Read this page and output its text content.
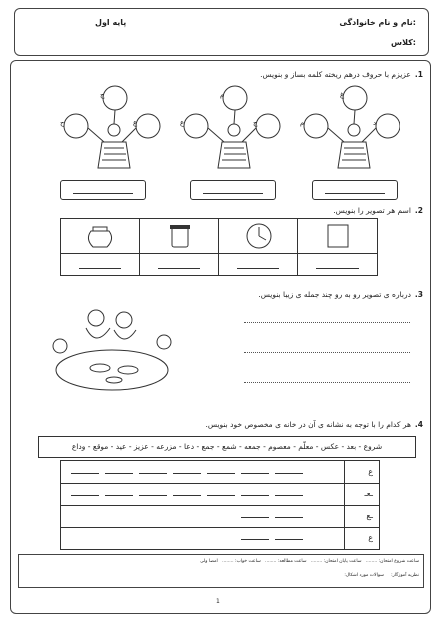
نام و نام خانوادگی:
پایه اول
کلاس:
1.عزیزم با حروف درهم ریخته کلمه بساز و بنویس.
ح
ج
ع	ع
م
ج	م
غ
د
2.اسم هر تصویر را بنویس.
3.درباره ی تصویر رو به رو چند جمله ی زیبا بنویس.
4.هر کدام را با توجه به نشانه ی آن در خانه ی مخصوص خود بنویس.
شروع - بعد - عکس - معلّم - معصوم - جمعه - شمع - جمع - دعا - مزرعه - عزیز - عید - موقع - وداع
ع
ـعـ
ـع
ع
ساعت شروع امتحان: ........   ساعت پایان امتحان: ........   ساعت مطالعه: ........   ساعت خواب: ........   امضا ولی
نظریه آموزگار:     سوالات مورد اشکال:
1
